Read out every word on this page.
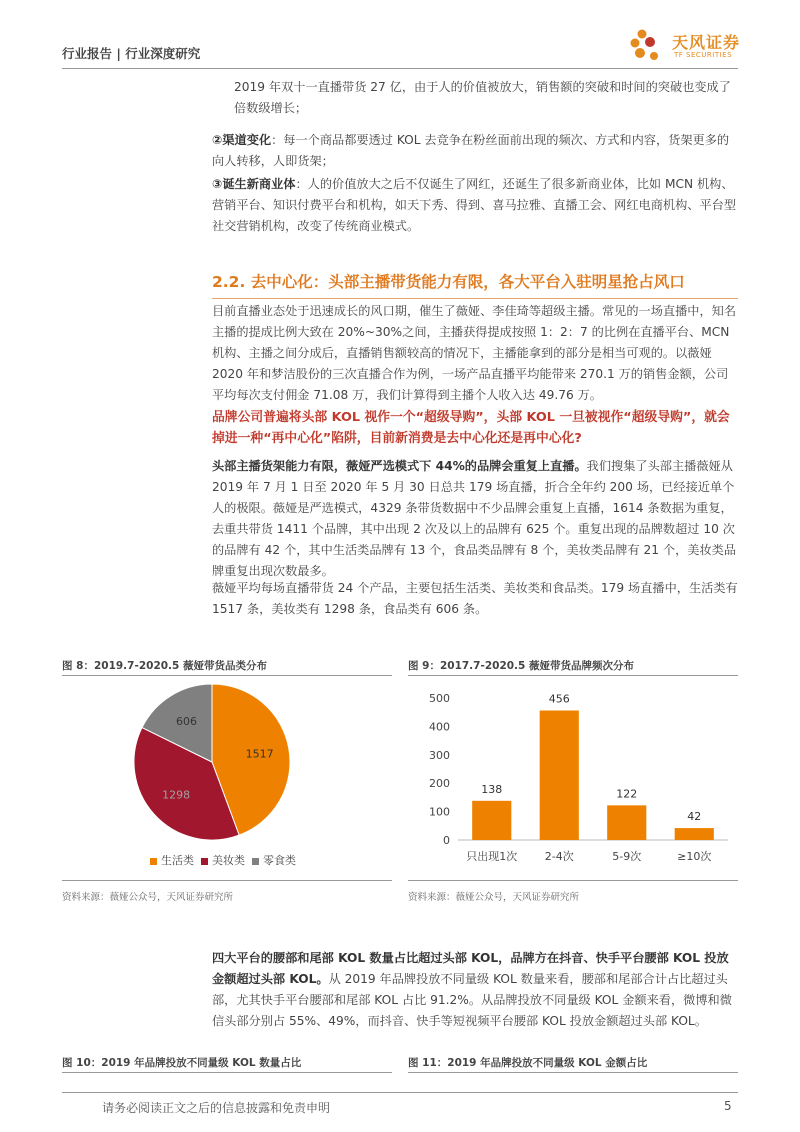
行业报告 | 行业深度研究
天风证券
TF SECURITIES
2019 年双十一直播带货 27 亿，由于人的价值被放大，销售额的突破和时间的突破也变成了倍数级增长；
②渠道变化：每一个商品都要透过 KOL 去竞争在粉丝面前出现的频次、方式和内容，货架更多的向人转移，人即货架；
③诞生新商业体：人的价值放大之后不仅诞生了网红，还诞生了很多新商业体，比如 MCN 机构、营销平台、知识付费平台和机构，如天下秀、得到、喜马拉雅、直播工会、网红电商机构、平台型社交营销机构，改变了传统商业模式。
2.2. 去中心化：头部主播带货能力有限，各大平台入驻明星抢占风口
目前直播业态处于迅速成长的风口期，催生了薇娅、李佳琦等超级主播。常见的一场直播中，知名主播的提成比例大致在 20%~30%之间，主播获得提成按照 1：2：7 的比例在直播平台、MCN 机构、主播之间分成后，直播销售额较高的情况下，主播能拿到的部分是相当可观的。以薇娅 2020 年和梦洁股份的三次直播合作为例，一场产品直播平均能带来 270.1 万的销售金额，公司平均每次支付佣金 71.08 万，我们计算得到主播个人收入达 49.76 万。
品牌公司普遍将头部 KOL 视作一个“超级导购”，头部 KOL 一旦被视作“超级导购”，就会掉进一种“再中心化”陷阱，目前新消费是去中心化还是再中心化?
头部主播货架能力有限，薇娅严选模式下 44%的品牌会重复上直播。我们搜集了头部主播薇娅从 2019 年 7 月 1 日至 2020 年 5 月 30 日总共 179 场直播，折合全年约 200 场，已经接近单个人的极限。薇娅是严选模式，4329 条带货数据中不少品牌会重复上直播，1614 条数据为重复，去重共带货 1411 个品牌，其中出现 2 次及以上的品牌有 625 个。重复出现的品牌数超过 10 次的品牌有 42 个，其中生活类品牌有 13 个，食品类品牌有 8 个，美妆类品牌有 21 个，美妆类品牌重复出现次数最多。
薇娅平均每场直播带货 24 个产品，主要包括生活类、美妆类和食品类。179 场直播中，生活类有 1517 条，美妆类有 1298 条，食品类有 606 条。
图 8：2019.7-2020.5 薇娅带货品类分布
1517
1298
606
生活类 美妆类 零食类
资料来源：薇娅公众号，天风证券研究所
图 9：2017.7-2020.5 薇娅带货品牌频次分布
0
100
200
300
400
500
138
只出现1次
456
2-4次
122
5-9次
42
≥10次
资料来源：薇娅公众号，天风证券研究所
四大平台的腰部和尾部 KOL 数量占比超过头部 KOL，品牌方在抖音、快手平台腰部 KOL 投放金额超过头部 KOL。从 2019 年品牌投放不同量级 KOL 数量来看，腰部和尾部合计占比超过头部，尤其快手平台腰部和尾部 KOL 占比 91.2%。从品牌投放不同量级 KOL 金额来看，微博和微信头部分别占 55%、49%，而抖音、快手等短视频平台腰部 KOL 投放金额超过头部 KOL。
图 10：2019 年品牌投放不同量级 KOL 数量占比	图 11：2019 年品牌投放不同量级 KOL 金额占比
请务必阅读正文之后的信息披露和免责申明	5
